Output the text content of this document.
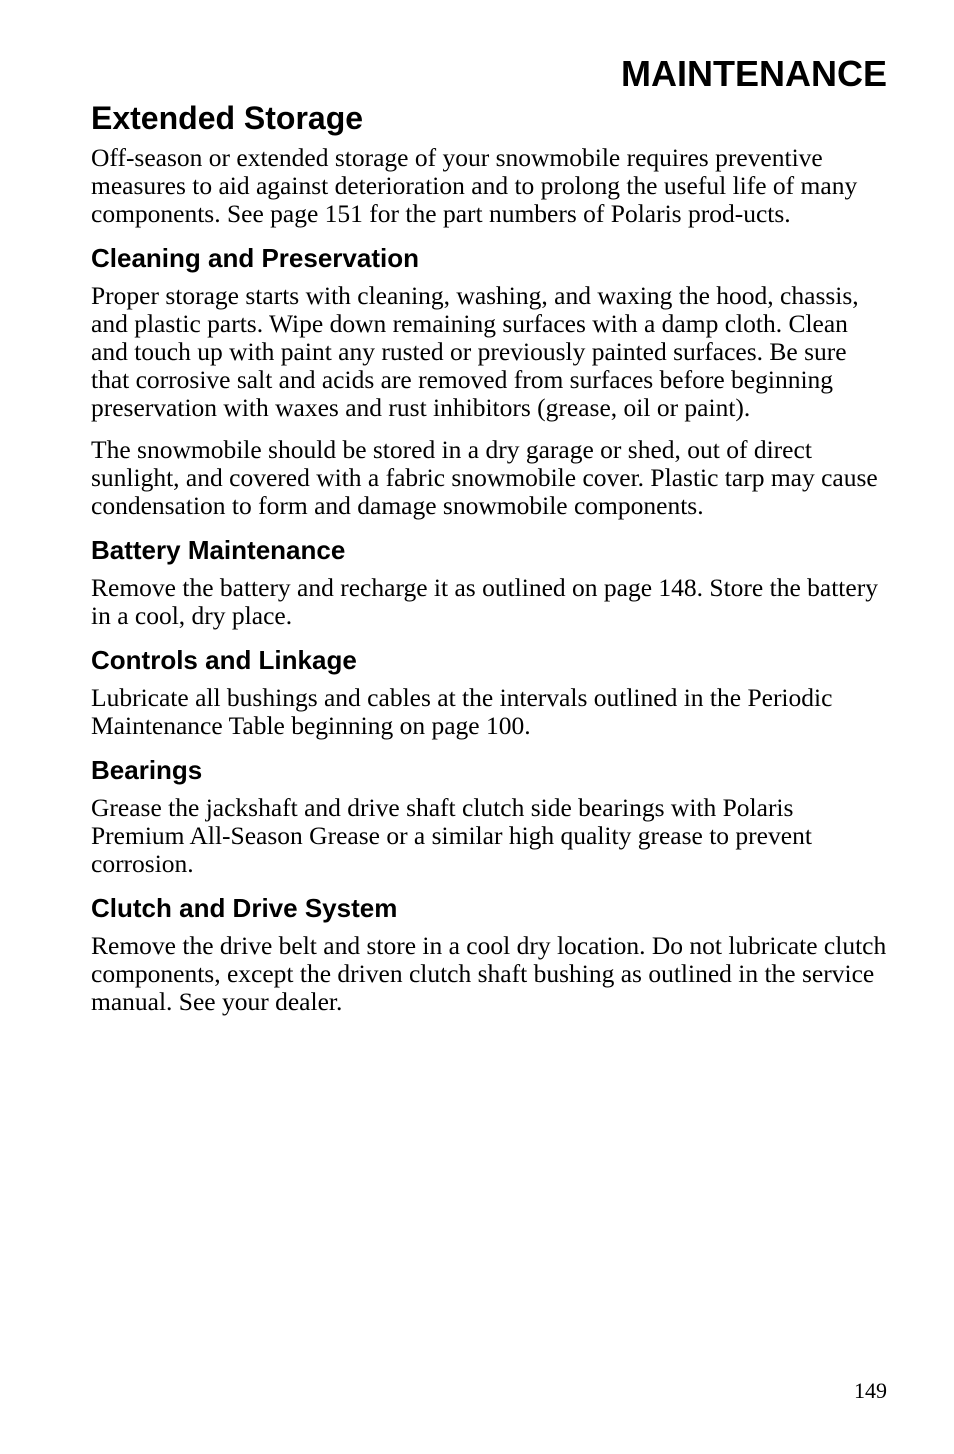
MAINTENANCE
Extended Storage

Off-season or extended storage of your snowmobile requires preventive measures to aid against deterioration and to prolong the useful life of many components. See page 151 for the part numbers of Polaris prod-ucts.

Cleaning and Preservation

Proper storage starts with cleaning, washing, and waxing the hood, chassis, and plastic parts. Wipe down remaining surfaces with a damp cloth. Clean and touch up with paint any rusted or previously painted surfaces. Be sure that corrosive salt and acids are removed from surfaces before beginning preservation with waxes and rust inhibitors (grease, oil or paint).

The snowmobile should be stored in a dry garage or shed, out of direct sunlight, and covered with a fabric snowmobile cover. Plastic tarp may cause condensation to form and damage snowmobile components.

Battery Maintenance

Remove the battery and recharge it as outlined on page 148. Store the battery in a cool, dry place.

Controls and Linkage

Lubricate all bushings and cables at the intervals outlined in the Periodic Maintenance Table beginning on page 100.

Bearings

Grease the jackshaft and drive shaft clutch side bearings with Polaris Premium All-Season Grease or a similar high quality grease to prevent corrosion.

Clutch and Drive System

Remove the drive belt and store in a cool dry location. Do not lubricate clutch components, except the driven clutch shaft bushing as outlined in the service manual. See your dealer.

149
